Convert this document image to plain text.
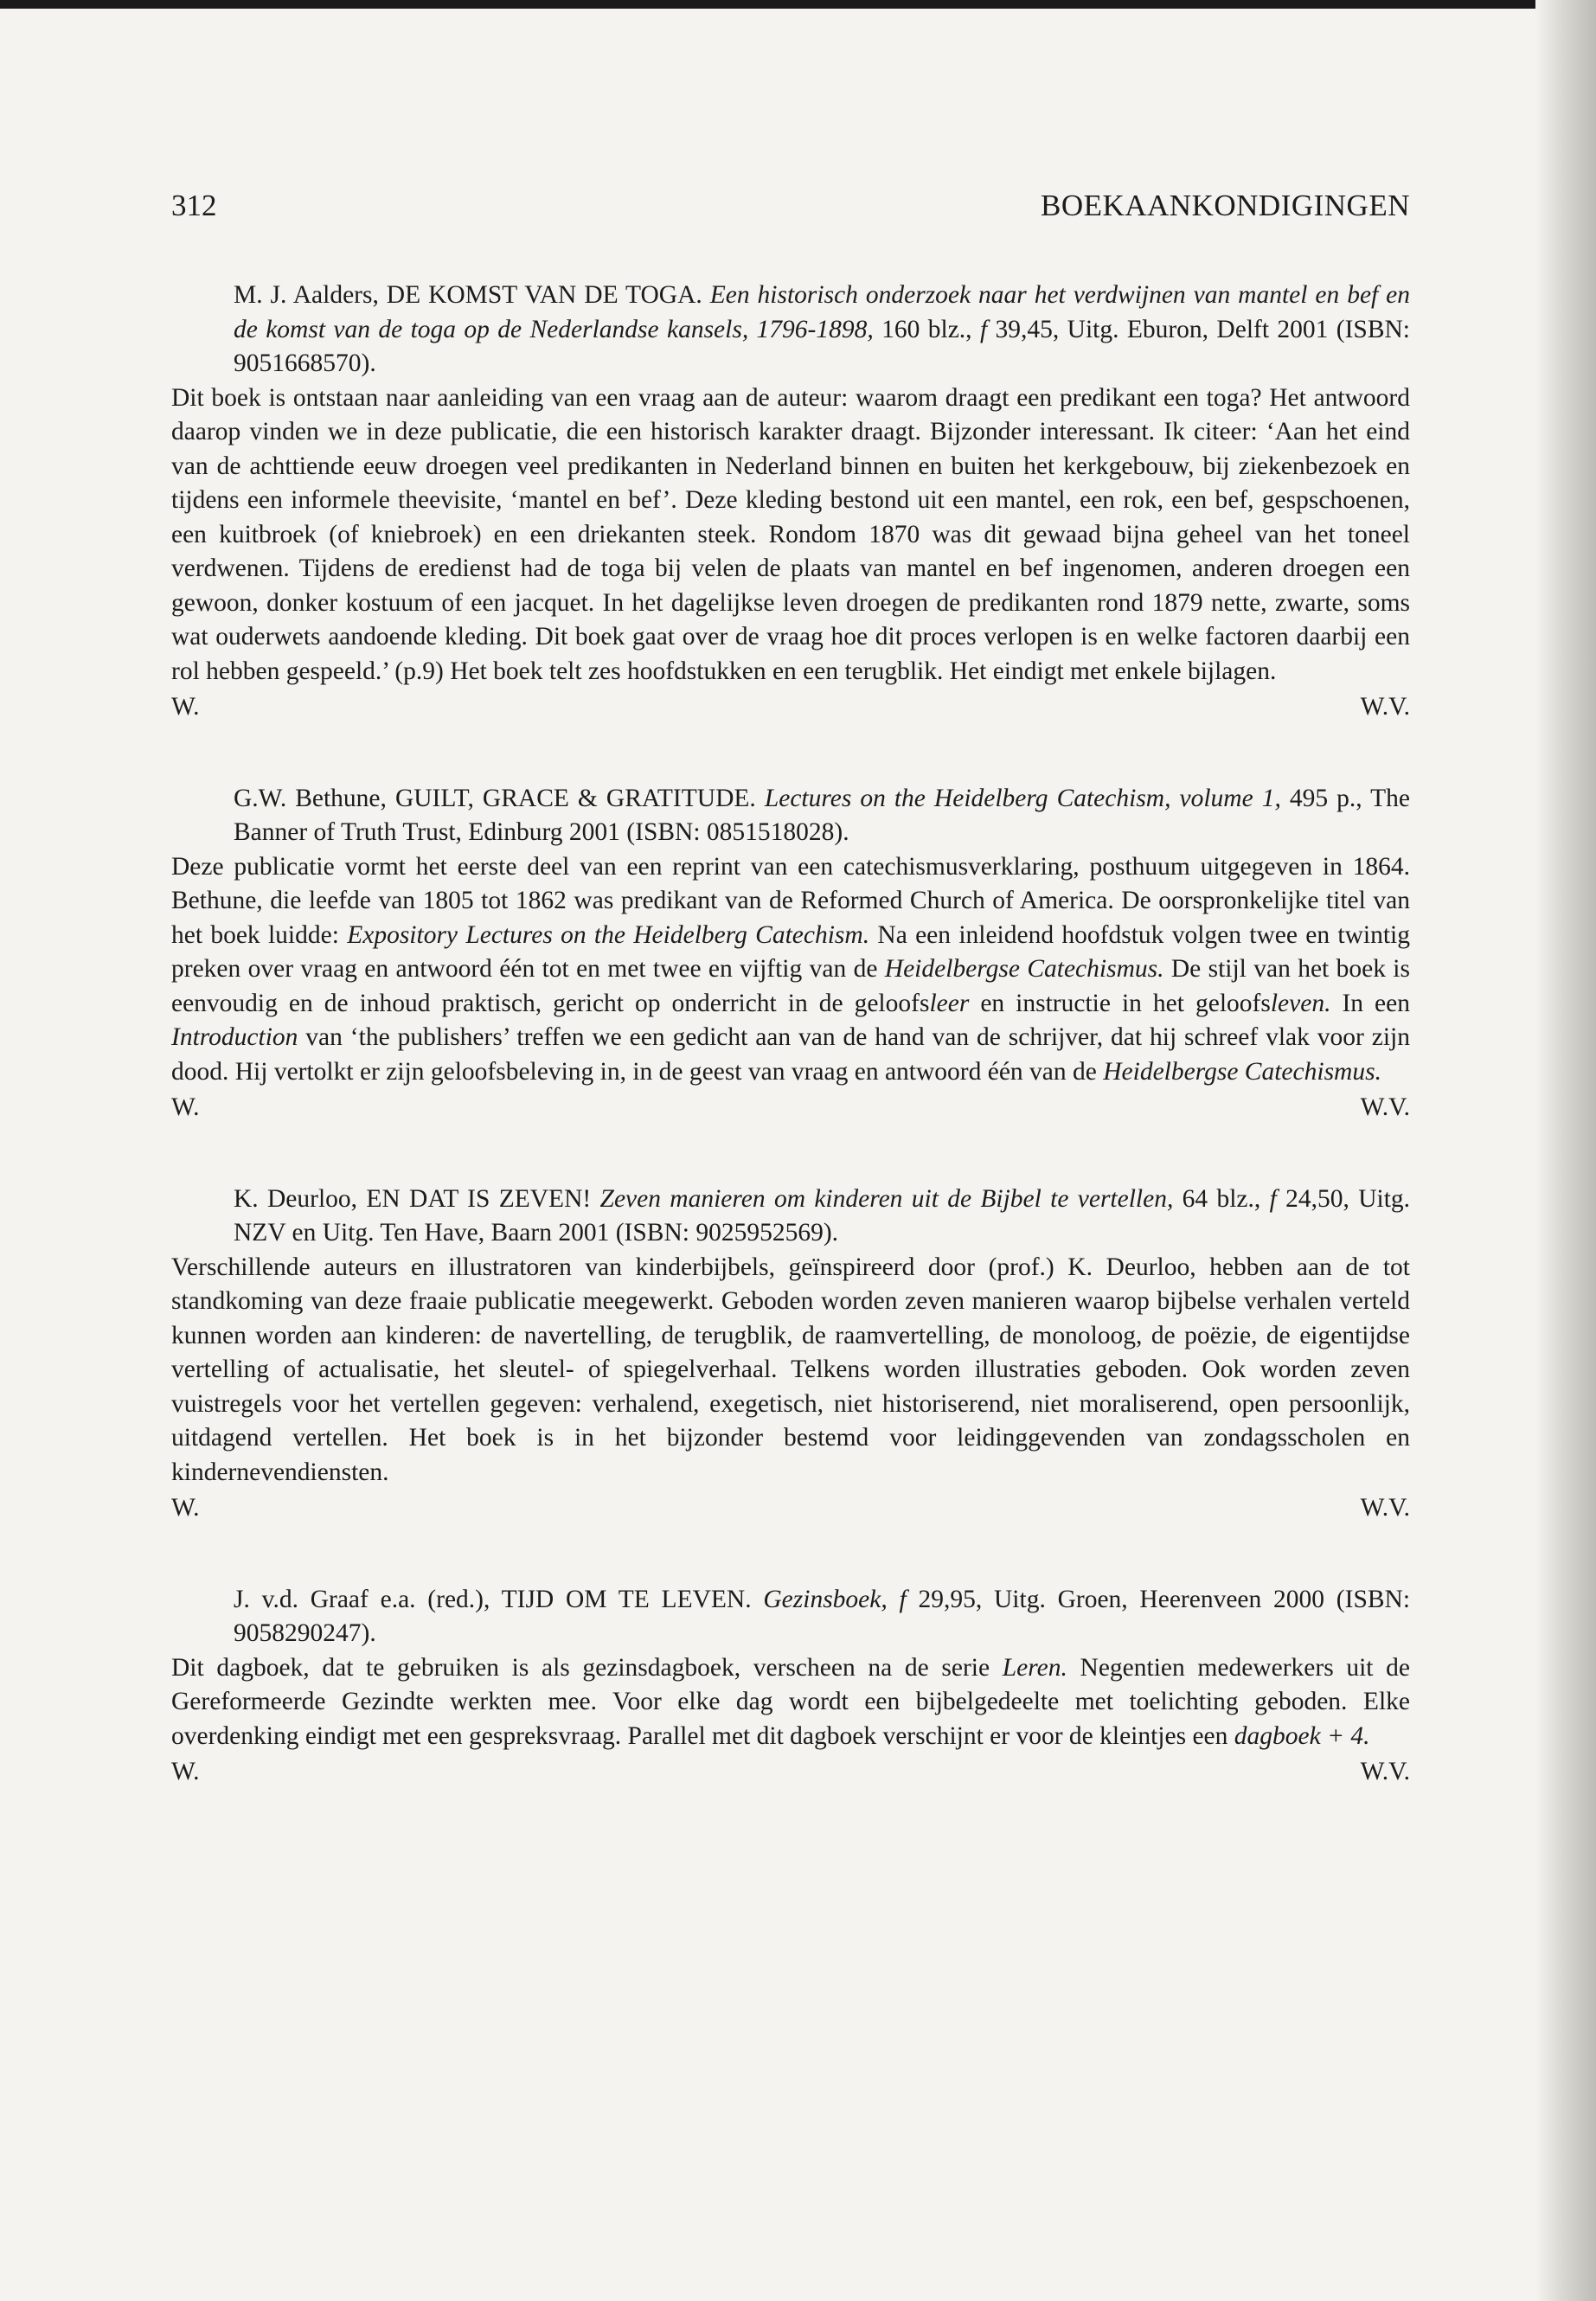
312	BOEKAANKONDIGINGEN

M. J. Aalders, DE KOMST VAN DE TOGA. Een historisch onderzoek naar het verdwijnen van mantel en bef en de komst van de toga op de Nederlandse kansels, 1796-1898, 160 blz., f 39,45, Uitg. Eburon, Delft 2001 (ISBN: 9051668570).

Dit boek is ontstaan naar aanleiding van een vraag aan de auteur: waarom draagt een predikant een toga? Het antwoord daarop vinden we in deze publicatie, die een historisch karakter draagt. Bijzonder interessant. Ik citeer: ‘Aan het eind van de achttiende eeuw droegen veel predikanten in Nederland binnen en buiten het kerkgebouw, bij ziekenbezoek en tijdens een informele theevisite, ‘mantel en bef’. Deze kleding bestond uit een mantel, een rok, een bef, gespschoenen, een kuitbroek (of kniebroek) en een driekanten steek. Rondom 1870 was dit gewaad bijna geheel van het toneel verdwenen. Tijdens de eredienst had de toga bij velen de plaats van mantel en bef ingenomen, anderen droegen een gewoon, donker kostuum of een jacquet. In het dagelijkse leven droegen de predikanten rond 1879 nette, zwarte, soms wat ouderwets aandoende kleding. Dit boek gaat over de vraag hoe dit proces verlopen is en welke factoren daarbij een rol hebben gespeeld.’ (p.9) Het boek telt zes hoofdstukken en een terugblik. Het eindigt met enkele bijlagen.

W.	W.V.

G.W. Bethune, GUILT, GRACE & GRATITUDE. Lectures on the Heidelberg Catechism, volume 1, 495 p., The Banner of Truth Trust, Edinburg 2001 (ISBN: 0851518028).

Deze publicatie vormt het eerste deel van een reprint van een catechismusverklaring, posthuum uitgegeven in 1864. Bethune, die leefde van 1805 tot 1862 was predikant van de Reformed Church of America. De oorspronkelijke titel van het boek luidde: Expository Lectures on the Heidelberg Catechism. Na een inleidend hoofdstuk volgen twee en twintig preken over vraag en antwoord één tot en met twee en vijftig van de Heidelbergse Catechismus. De stijl van het boek is eenvoudig en de inhoud praktisch, gericht op onderricht in de geloofsleer en instructie in het geloofsleven. In een Introduction van ‘the publishers’ treffen we een gedicht aan van de hand van de schrijver, dat hij schreef vlak voor zijn dood. Hij vertolkt er zijn geloofsbeleving in, in de geest van vraag en antwoord één van de Heidelbergse Catechismus.

W.	W.V.

K. Deurloo, EN DAT IS ZEVEN! Zeven manieren om kinderen uit de Bijbel te vertellen, 64 blz., f 24,50, Uitg. NZV en Uitg. Ten Have, Baarn 2001 (ISBN: 9025952569).

Verschillende auteurs en illustratoren van kinderbijbels, geïnspireerd door (prof.) K. Deurloo, hebben aan de tot standkoming van deze fraaie publicatie meegewerkt. Geboden worden zeven manieren waarop bijbelse verhalen verteld kunnen worden aan kinderen: de navertelling, de terugblik, de raamvertelling, de monoloog, de poëzie, de eigentijdse vertelling of actualisatie, het sleutel- of spiegelverhaal. Telkens worden illustraties geboden. Ook worden zeven vuistregels voor het vertellen gegeven: verhalend, exegetisch, niet historiserend, niet moraliserend, open persoonlijk, uitdagend vertellen. Het boek is in het bijzonder bestemd voor leidinggevenden van zondagsscholen en kindernevendiensten.

W.	W.V.

J. v.d. Graaf e.a. (red.), TIJD OM TE LEVEN. Gezinsboek, f 29,95, Uitg. Groen, Heerenveen 2000 (ISBN: 9058290247).

Dit dagboek, dat te gebruiken is als gezinsdagboek, verscheen na de serie Leren. Negentien medewerkers uit de Gereformeerde Gezindte werkten mee. Voor elke dag wordt een bijbelgedeelte met toelichting geboden. Elke overdenking eindigt met een gespreksvraag. Parallel met dit dagboek verschijnt er voor de kleintjes een dagboek + 4.

W.	W.V.
